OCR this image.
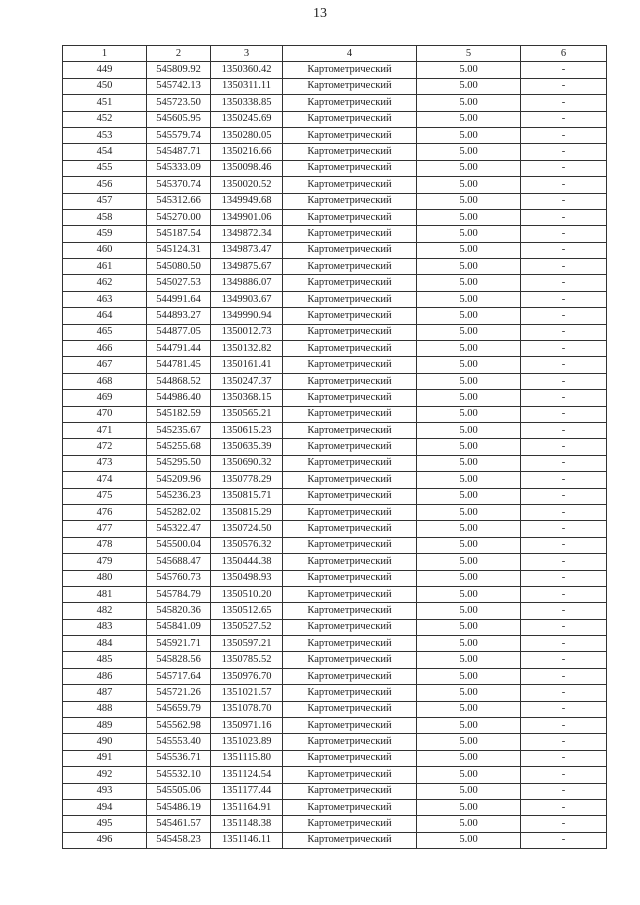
13
1	2	3	4	5	6
449	545809.92	1350360.42	Картометрический	5.00	-
450	545742.13	1350311.11	Картометрический	5.00	-
451	545723.50	1350338.85	Картометрический	5.00	-
452	545605.95	1350245.69	Картометрический	5.00	-
453	545579.74	1350280.05	Картометрический	5.00	-
454	545487.71	1350216.66	Картометрический	5.00	-
455	545333.09	1350098.46	Картометрический	5.00	-
456	545370.74	1350020.52	Картометрический	5.00	-
457	545312.66	1349949.68	Картометрический	5.00	-
458	545270.00	1349901.06	Картометрический	5.00	-
459	545187.54	1349872.34	Картометрический	5.00	-
460	545124.31	1349873.47	Картометрический	5.00	-
461	545080.50	1349875.67	Картометрический	5.00	-
462	545027.53	1349886.07	Картометрический	5.00	-
463	544991.64	1349903.67	Картометрический	5.00	-
464	544893.27	1349990.94	Картометрический	5.00	-
465	544877.05	1350012.73	Картометрический	5.00	-
466	544791.44	1350132.82	Картометрический	5.00	-
467	544781.45	1350161.41	Картометрический	5.00	-
468	544868.52	1350247.37	Картометрический	5.00	-
469	544986.40	1350368.15	Картометрический	5.00	-
470	545182.59	1350565.21	Картометрический	5.00	-
471	545235.67	1350615.23	Картометрический	5.00	-
472	545255.68	1350635.39	Картометрический	5.00	-
473	545295.50	1350690.32	Картометрический	5.00	-
474	545209.96	1350778.29	Картометрический	5.00	-
475	545236.23	1350815.71	Картометрический	5.00	-
476	545282.02	1350815.29	Картометрический	5.00	-
477	545322.47	1350724.50	Картометрический	5.00	-
478	545500.04	1350576.32	Картометрический	5.00	-
479	545688.47	1350444.38	Картометрический	5.00	-
480	545760.73	1350498.93	Картометрический	5.00	-
481	545784.79	1350510.20	Картометрический	5.00	-
482	545820.36	1350512.65	Картометрический	5.00	-
483	545841.09	1350527.52	Картометрический	5.00	-
484	545921.71	1350597.21	Картометрический	5.00	-
485	545828.56	1350785.52	Картометрический	5.00	-
486	545717.64	1350976.70	Картометрический	5.00	-
487	545721.26	1351021.57	Картометрический	5.00	-
488	545659.79	1351078.70	Картометрический	5.00	-
489	545562.98	1350971.16	Картометрический	5.00	-
490	545553.40	1351023.89	Картометрический	5.00	-
491	545536.71	1351115.80	Картометрический	5.00	-
492	545532.10	1351124.54	Картометрический	5.00	-
493	545505.06	1351177.44	Картометрический	5.00	-
494	545486.19	1351164.91	Картометрический	5.00	-
495	545461.57	1351148.38	Картометрический	5.00	-
496	545458.23	1351146.11	Картометрический	5.00	-
